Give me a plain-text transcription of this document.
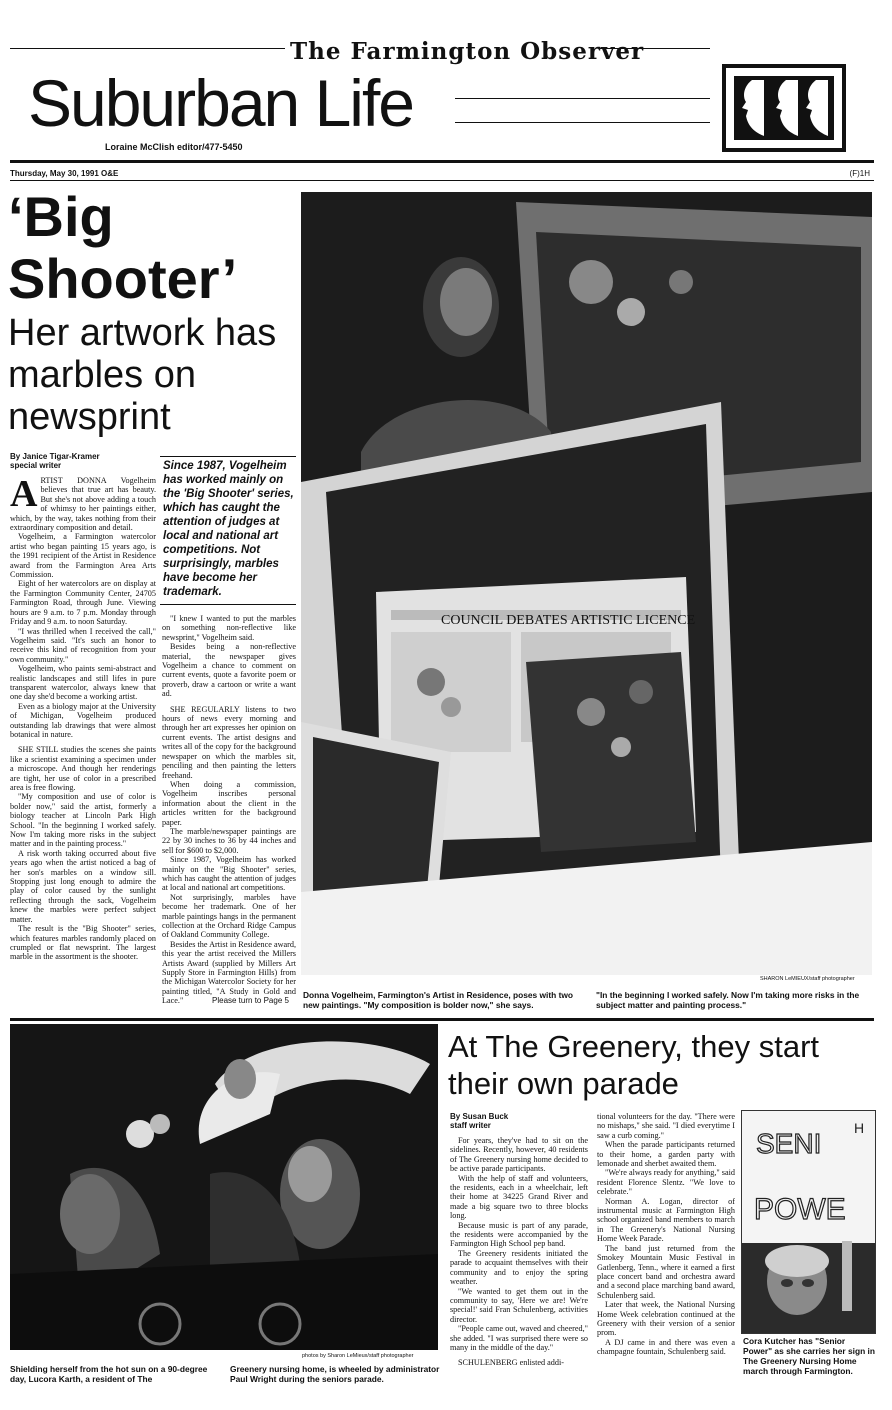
The Farmington Observer
Suburban Life
Loraine McClish editor/477-5450
Thursday, May 30, 1991 O&E	(F)1H
‘Big Shooter’
Her artwork has marbles on newsprint
By Janice Tigar-Kramer
special writer
A RTIST DONNA Vogelheim believes that true art has beauty. But she's not above adding a touch of whimsy to her paintings either, which, by the way, takes nothing from their extraordinary composition and detail.

Vogelheim, a Farmington watercolor artist who began painting 15 years ago, is the 1991 recipient of the Artist in Residence award from the Farmington Area Arts Commission.

Eight of her watercolors are on display at the Farmington Community Center, 24705 Farmington Road, through June. Viewing hours are 9 a.m. to 7 p.m. Monday through Friday and 9 a.m. to noon Saturday.

"I was thrilled when I received the call," Vogelheim said. "It's such an honor to receive this kind of recognition from your own community."

Vogelheim, who paints semi-abstract and realistic landscapes and still lifes in pure transparent watercolor, always knew that one day she'd become a working artist.

Even as a biology major at the University of Michigan, Vogelheim produced outstanding lab drawings that were almost botanical in nature.

SHE STILL studies the scenes she paints like a scientist examining a specimen under a microscope. And though her renderings are tight, her use of color in a prescribed area is free flowing.

"My composition and use of color is bolder now," said the artist, formerly a biology teacher at Lincoln Park High School. "In the beginning I worked safely. Now I'm taking more risks in the subject matter and in the painting process."

A risk worth taking occurred about five years ago when the artist noticed a bag of her son's marbles on a window sill. Stopping just long enough to admire the play of color caused by the sunlight reflecting through the sack, Vogelheim knew the marbles were perfect subject matter.

The result is the "Big Shooter" series, which features marbles randomly placed on crumpled or flat newsprint. The largest marble in the assortment is the shooter.

Since 1987, Vogelheim has worked mainly on the 'Big Shooter' series, which has caught the attention of judges at local and national art competitions. Not surprisingly, marbles have become her trademark.

"I knew I wanted to put the marbles on something non-reflective like newsprint," Vogelheim said.

Besides being a non-reflective material, the newspaper gives Vogelheim a chance to comment on current events, quote a favorite poem or proverb, draw a cartoon or write a want ad.

SHE REGULARLY listens to two hours of news every morning and through her art expresses her opinion on current events. The artist designs and writes all of the copy for the background newspaper on which the marbles sit, penciling and then painting the letters freehand.

When doing a commission, Vogelheim inscribes personal information about the client in the articles written for the background paper.

The marble/newspaper paintings are 22 by 30 inches to 36 by 44 inches and sell for $600 to $2,000.

Since 1987, Vogelheim has worked mainly on the "Big Shooter" series, which has caught the attention of judges at local and national art competitions.

Not surprisingly, marbles have become her trademark. One of her marble paintings hangs in the permanent collection at the Orchard Ridge Campus of Oakland Community College.

Besides the Artist in Residence award, this year the artist received the Millers Artists Award (supplied by Millers Art Supply Store in Farmington Hills) from the Michigan Watercolor Society for her painting titled, "A Study in Gold and Lace."	Please turn to Page 5
COUNCIL DEBATES ARTISTIC LICENCE
SHARON LeMIEUX/staff photographer
Donna Vogelheim, Farmington's Artist in Residence, poses with two new paintings. "My composition is bolder now," she says.
"In the beginning I worked safely. Now I'm taking more risks in the subject matter and painting process."
photos by Sharon LeMieux/staff photographer
Shielding herself from the hot sun on a 90-degree day, Lucora Karth, a resident of The
Greenery nursing home, is wheeled by administrator Paul Wright during the seniors parade.
At The Greenery, they start their own parade
By Susan Buck
staff writer

For years, they've had to sit on the sidelines. Recently, however, 40 residents of The Greenery nursing home decided to be active parade participants.

With the help of staff and volunteers, the residents, each in a wheelchair, left their home at 34225 Grand River and made a big square two to three blocks long.

Because music is part of any parade, the residents were accompanied by the Farmington High School pep band.

The Greenery residents initiated the parade to acquaint themselves with their community and to enjoy the spring weather.

"We wanted to get them out in the community to say, 'Here we are! We're special!' said Fran Schulenberg, activities director.

"People came out, waved and cheered," she added. "I was surprised there were so many in the middle of the day."

SCHULENBERG enlisted addi-

tional volunteers for the day. "There were no mishaps," she said. "I died everytime I saw a curb coming."

When the parade participants returned to their home, a garden party with lemonade and sherbet awaited them.

"We're always ready for anything," said resident Florence Slentz. "We love to celebrate."

Norman A. Logan, director of instrumental music at Farmington High school organized band members to march in The Greenery's National Nursing Home Week Parade.

The band just returned from the Smokey Mountain Music Festival in Gatlenberg, Tenn., where it earned a first place concert band and orchestra award and a second place marching band award, Schulenberg said.

Later that week, the National Nursing Home Week celebration continued at the Greenery with their version of a senior prom.

A DJ came in and there was even a champagne fountain, Schulenberg said.

SENI H
POWE
Cora Kutcher has "Senior Power" as she carries her sign in The Greenery Nursing Home march through Farmington.
